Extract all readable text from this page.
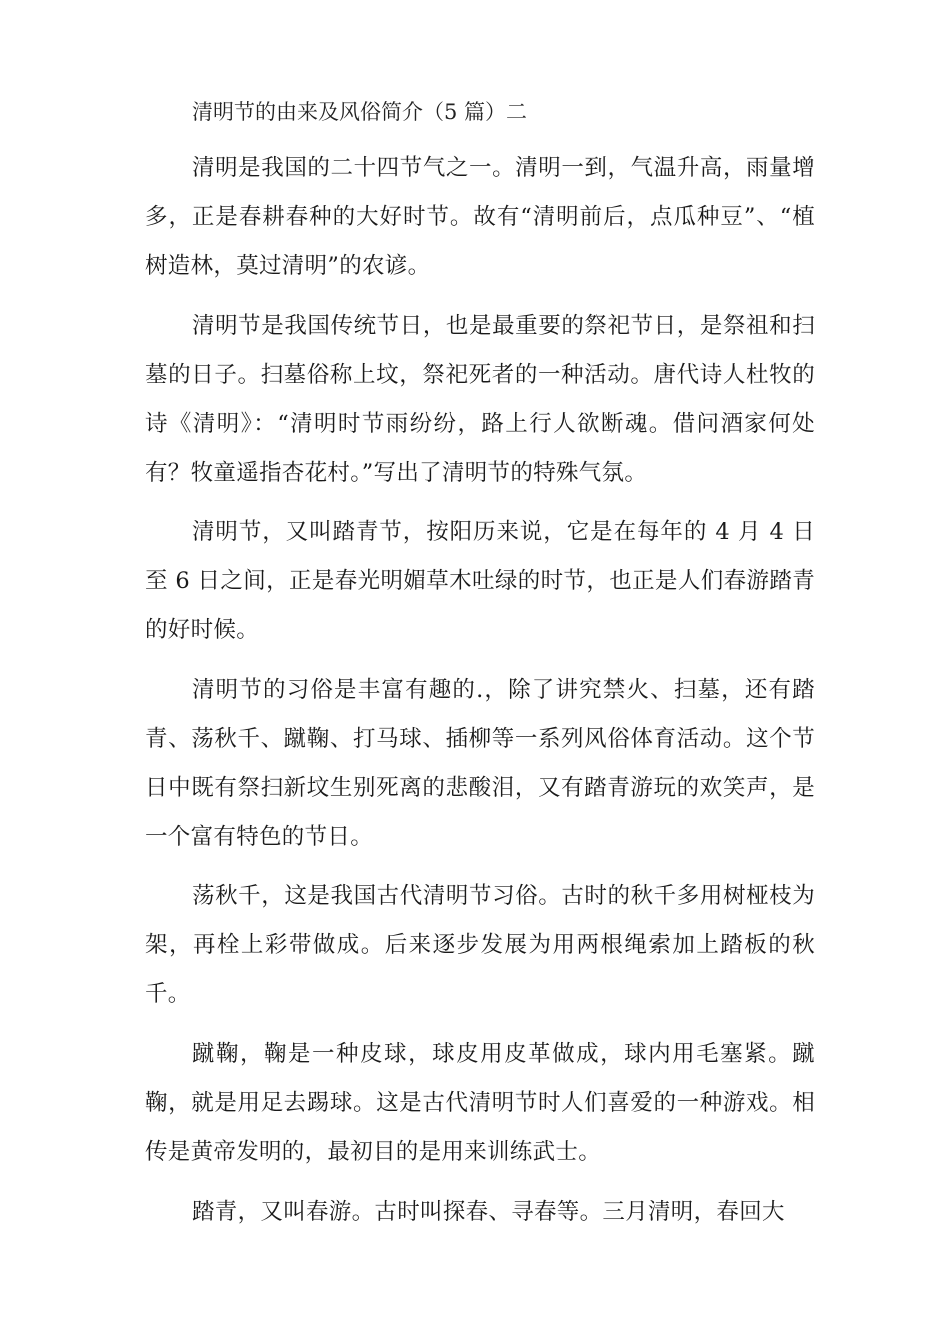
清明节的由来及风俗简介（5 篇）二

清明是我国的二十四节气之一。清明一到，气温升高，雨量增多，正是春耕春种的大好时节。故有“清明前后，点瓜种豆”、“植树造林，莫过清明”的农谚。

清明节是我国传统节日，也是最重要的祭祀节日，是祭祖和扫墓的日子。扫墓俗称上坟，祭祀死者的一种活动。唐代诗人杜牧的诗《清明》：“清明时节雨纷纷，路上行人欲断魂。借问酒家何处有？牧童遥指杏花村。”写出了清明节的特殊气氛。

清明节，又叫踏青节，按阳历来说，它是在每年的 4 月 4 日至 6 日之间，正是春光明媚草木吐绿的时节，也正是人们春游踏青的好时候。

清明节的习俗是丰富有趣的.，除了讲究禁火、扫墓，还有踏青、荡秋千、蹴鞠、打马球、插柳等一系列风俗体育活动。这个节日中既有祭扫新坟生别死离的悲酸泪，又有踏青游玩的欢笑声，是一个富有特色的节日。

荡秋千，这是我国古代清明节习俗。古时的秋千多用树桠枝为架，再栓上彩带做成。后来逐步发展为用两根绳索加上踏板的秋千。

蹴鞠，鞠是一种皮球，球皮用皮革做成，球内用毛塞紧。蹴鞠，就是用足去踢球。这是古代清明节时人们喜爱的一种游戏。相传是黄帝发明的，最初目的是用来训练武士。

踏青，又叫春游。古时叫探春、寻春等。三月清明，春回大
